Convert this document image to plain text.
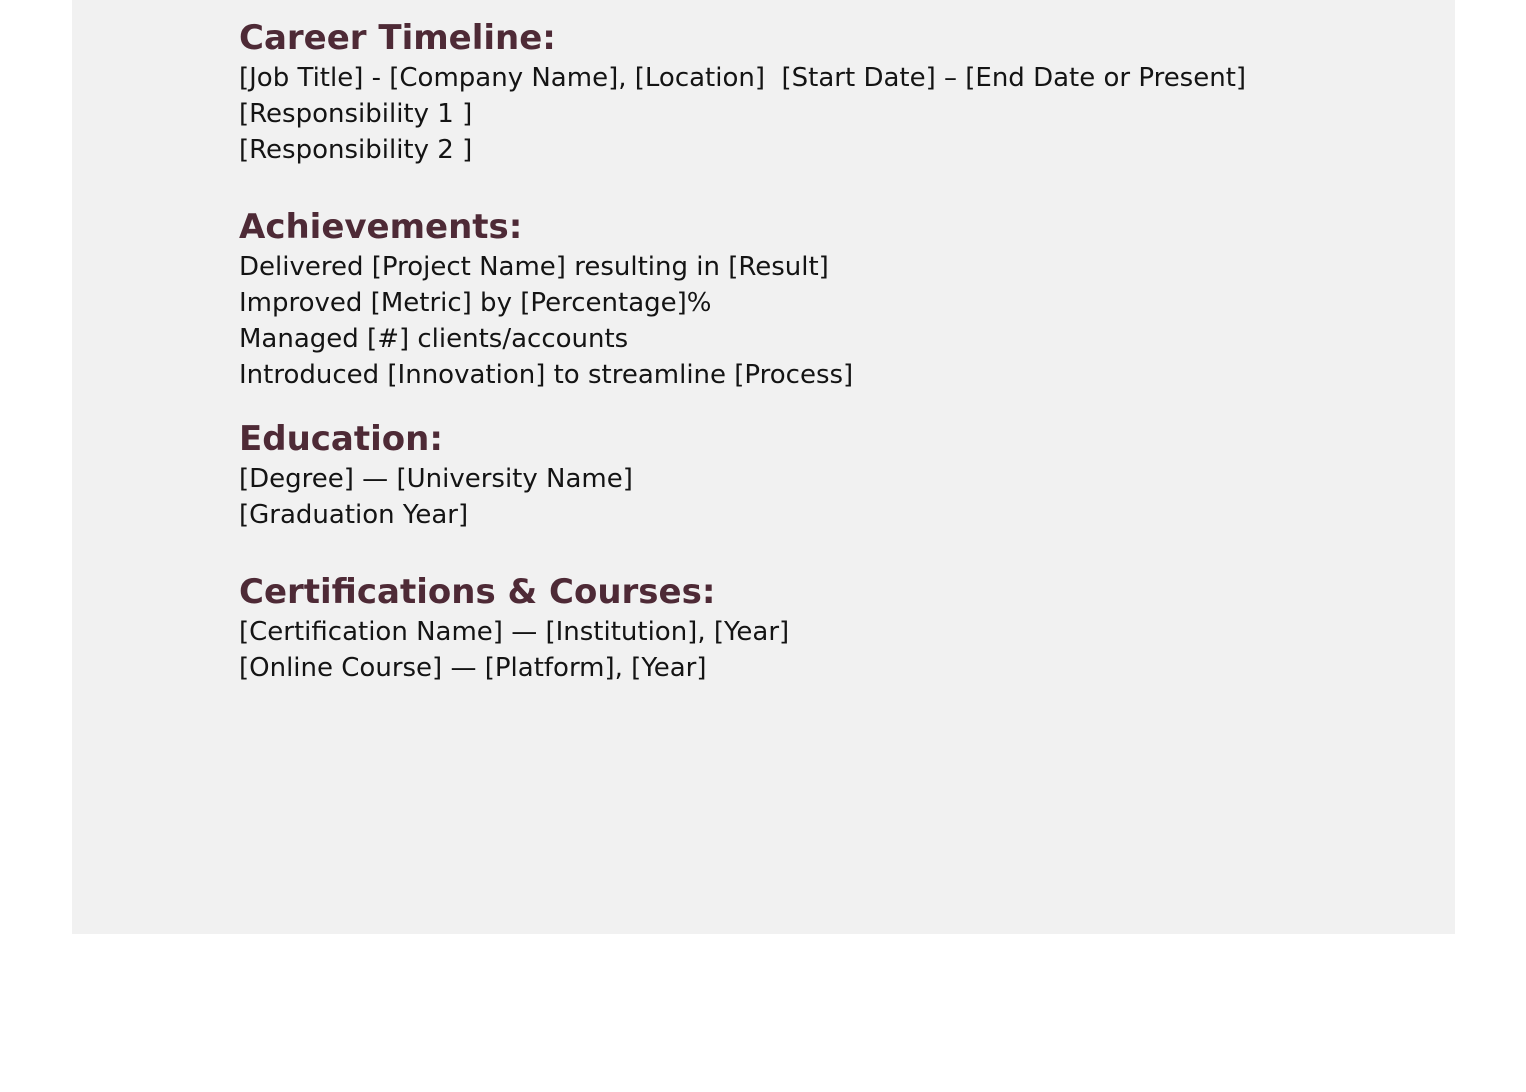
Career Timeline:

[Job Title] - [Company Name], [Location]  [Start Date] – [End Date or Present]

[Responsibility 1 ]

[Responsibility 2 ]

Achievements:

Delivered [Project Name] resulting in [Result]

Improved [Metric] by [Percentage]%

Managed [#] clients/accounts

Introduced [Innovation] to streamline [Process]

Education:

[Degree] — [University Name]

[Graduation Year]

Certifications & Courses:

[Certification Name] — [Institution], [Year]

[Online Course] — [Platform], [Year]
